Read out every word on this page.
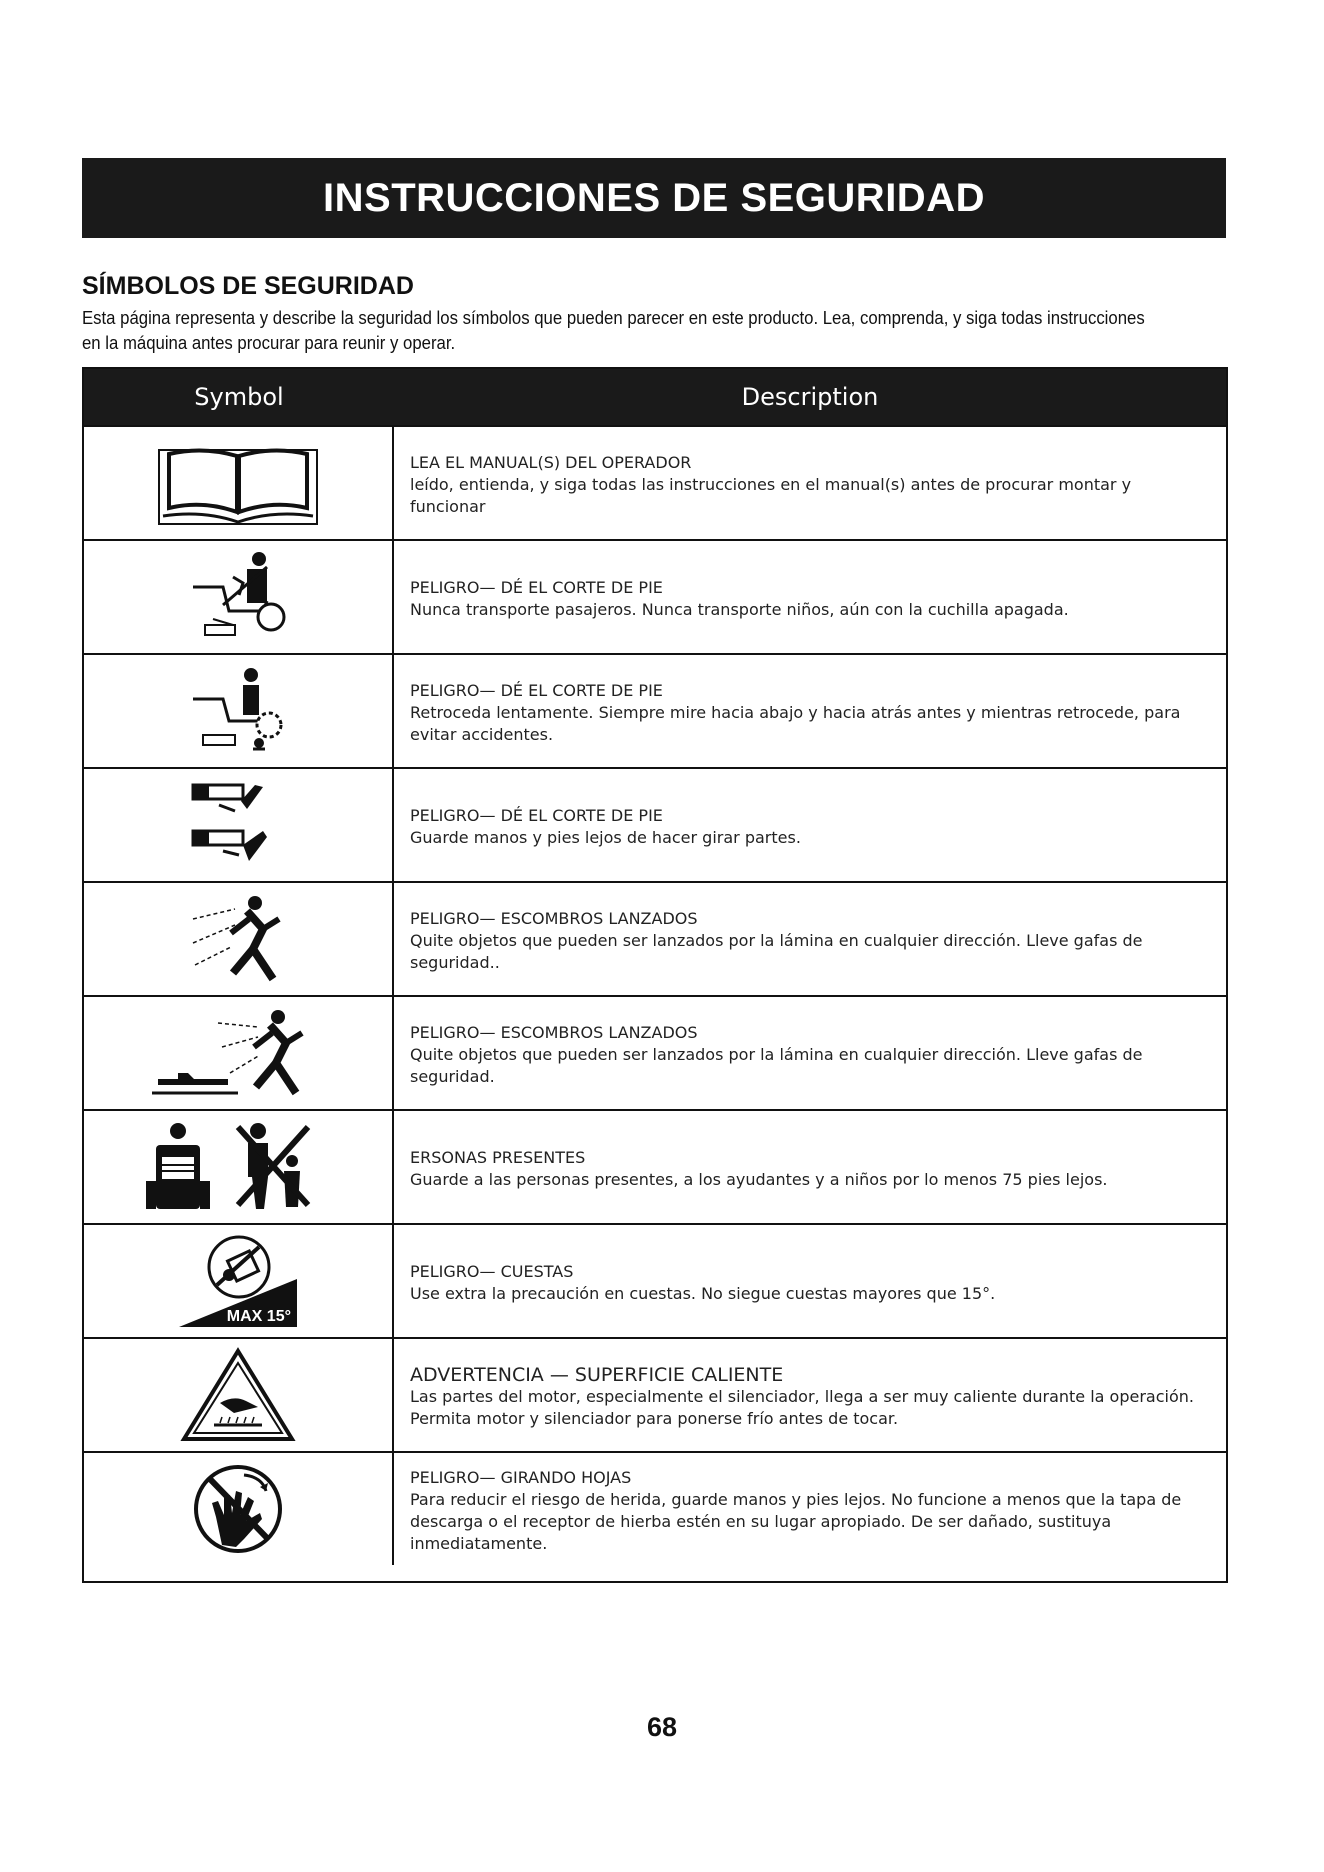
INSTRUCCIONES DE SEGURIDAD
SÍMBOLOS DE SEGURIDAD

Esta página representa y describe la seguridad los símbolos que pueden parecer en este producto. Lea, comprenda, y siga todas instrucciones en la máquina antes procurar para reunir y operar.

Symbol	Description
LEA EL MANUAL(S) DEL OPERADOR
leído, entienda, y siga todas las instrucciones en el manual(s) antes de procurar montar y funcionar
PELIGRO— DÉ EL CORTE DE PIE
Nunca transporte pasajeros. Nunca transporte niños, aún con la cuchilla apagada.
PELIGRO— DÉ EL CORTE DE PIE
Retroceda lentamente. Siempre mire hacia abajo y hacia atrás antes y mientras retrocede, para evitar accidentes.
PELIGRO— DÉ EL CORTE DE PIE
Guarde manos y pies lejos de hacer girar partes.
PELIGRO— ESCOMBROS LANZADOS
Quite objetos que pueden ser lanzados por la lámina en cualquier dirección. Lleve gafas de seguridad..
PELIGRO— ESCOMBROS LANZADOS
Quite objetos que pueden ser lanzados por la lámina en cualquier dirección. Lleve gafas de seguridad.
ERSONAS PRESENTES
Guarde a las personas presentes, a los ayudantes y a niños por lo menos 75 pies lejos.
MAX 15°
PELIGRO— CUESTAS
Use extra la precaución en cuestas. No siegue cuestas mayores que 15°.
ADVERTENCIA — SUPERFICIE CALIENTE
Las partes del motor, especialmente el silenciador, llega a ser muy caliente durante la operación. Permita motor y silenciador para ponerse frío antes de tocar.
PELIGRO— GIRANDO HOJAS
Para reducir el riesgo de herida, guarde manos y pies lejos. No funcione a menos que la tapa de descarga o el receptor de hierba estén en su lugar apropiado. De ser dañado, sustituya inmediatamente.
68
